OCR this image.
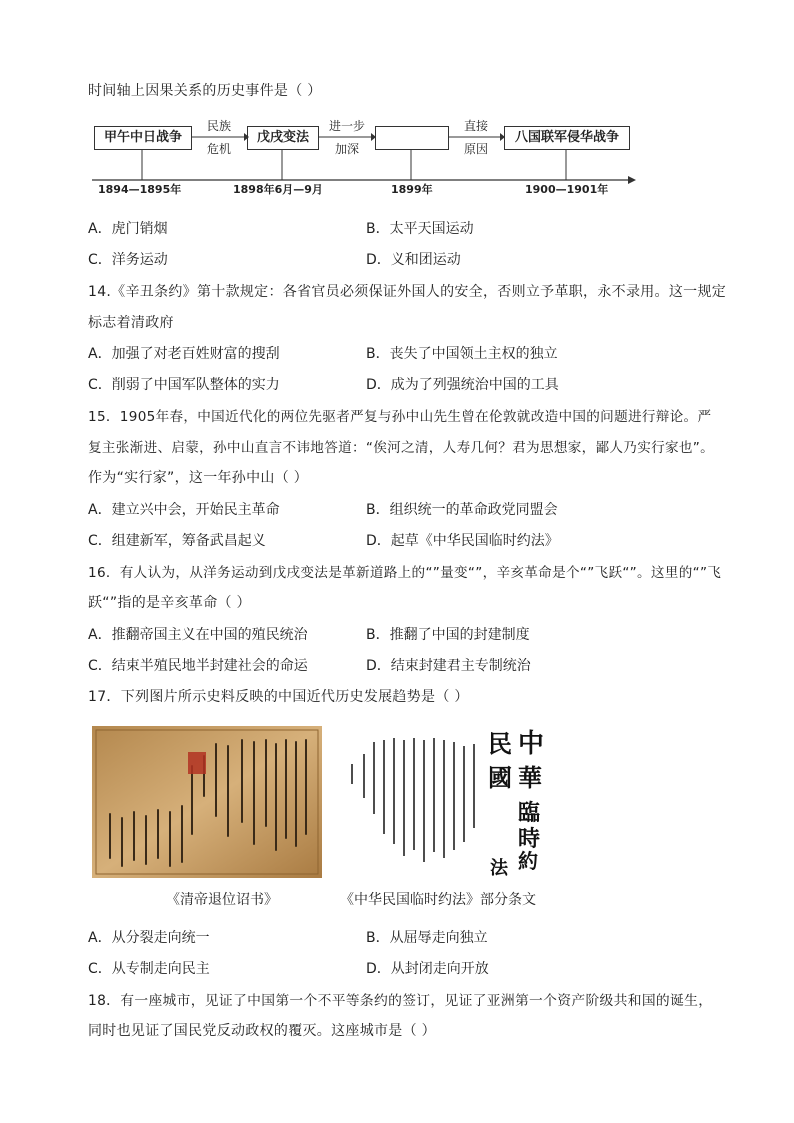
时间轴上因果关系的历史事件是（ ）
甲午中日战争	戊戌变法	八国联军侵华战争
民族
危机
进一步
加深
直接
原因
1894—1895年	1898年6月—9月	1899年	1900—1901年
A．虎门销烟	B．太平天国运动
C．洋务运动	D．义和团运动
14.《辛丑条约》第十款规定：各省官员必须保证外国人的安全，否则立予革职，永不录用。这一规定
标志着清政府
A．加强了对老百姓财富的搜刮	B．丧失了中国领土主权的独立
C．削弱了中国军队整体的实力	D．成为了列强统治中国的工具
15．1905年春，中国近代化的两位先驱者严复与孙中山先生曾在伦敦就改造中国的问题进行辩论。严
复主张渐进、启蒙，孙中山直言不讳地答道：“俟河之清，人寿几何？君为思想家，鄙人乃实行家也”。
作为“实行家”，这一年孙中山（ ）
A．建立兴中会，开始民主革命	B．组织统一的革命政党同盟会
C．组建新军，筹备武昌起义	D．起草《中华民国临时约法》
16．有人认为，从洋务运动到戊戌变法是革新道路上的“”量变“”，辛亥革命是个“”飞跃“”。这里的“”飞
跃“”指的是辛亥革命（ ）
A．推翻帝国主义在中国的殖民统治	B．推翻了中国的封建制度
C．结束半殖民地半封建社会的命运	D．结束封建君主专制统治
17．下列图片所示史料反映的中国近代历史发展趋势是（ ）
《清帝退位诏书》
中
華
民
國
臨
時
約
法
《中华民国临时约法》部分条文
A．从分裂走向统一	B．从屈辱走向独立
C．从专制走向民主	D．从封闭走向开放
18．有一座城市，见证了中国第一个不平等条约的签订，见证了亚洲第一个资产阶级共和国的诞生，
同时也见证了国民党反动政权的覆灭。这座城市是（ ）
